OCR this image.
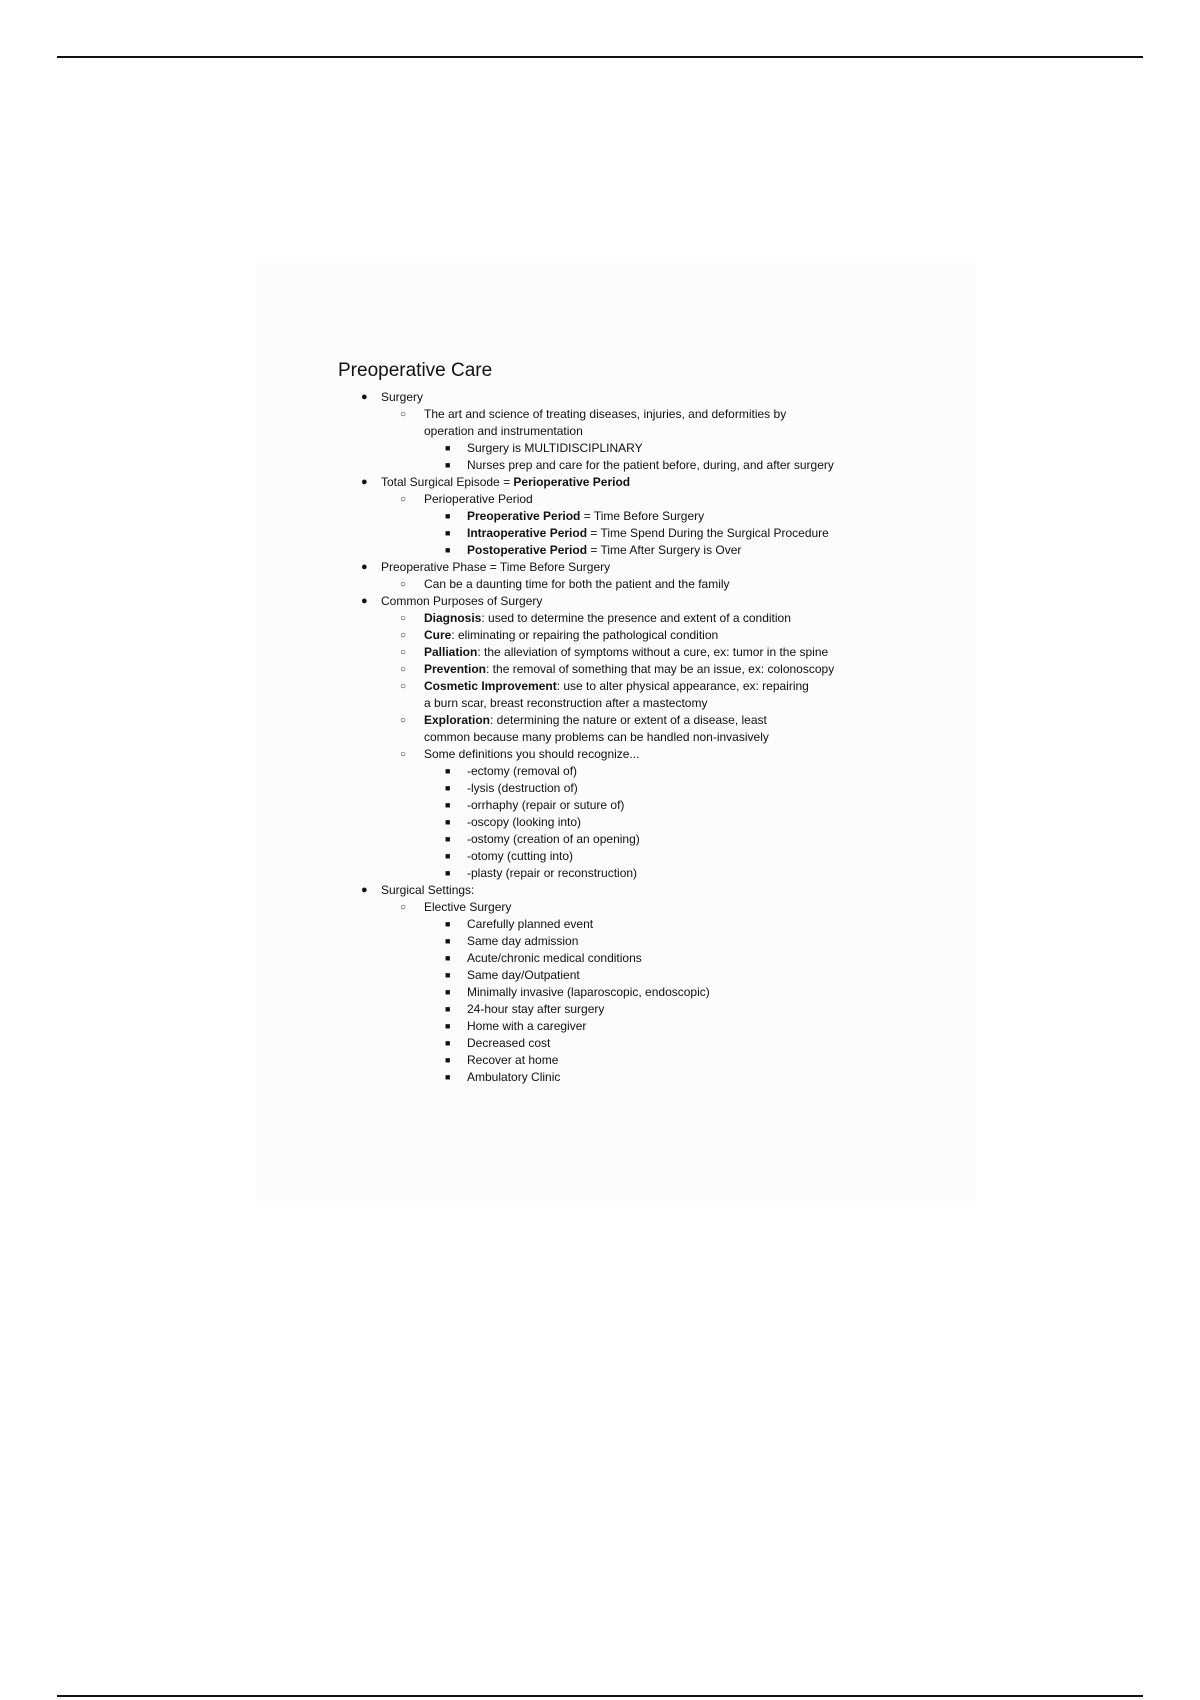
Preoperative Care
● Surgery
○ The art and science of treating diseases, injuries, and deformities by operation and instrumentation
■ Surgery is MULTIDISCIPLINARY
■ Nurses prep and care for the patient before, during, and after surgery
● Total Surgical Episode = Perioperative Period
○ Perioperative Period
■ Preoperative Period = Time Before Surgery
■ Intraoperative Period = Time Spend During the Surgical Procedure
■ Postoperative Period = Time After Surgery is Over
● Preoperative Phase = Time Before Surgery
○ Can be a daunting time for both the patient and the family
● Common Purposes of Surgery
○ Diagnosis: used to determine the presence and extent of a condition
○ Cure: eliminating or repairing the pathological condition
○ Palliation: the alleviation of symptoms without a cure, ex: tumor in the spine
○ Prevention: the removal of something that may be an issue, ex: colonoscopy
○ Cosmetic Improvement: use to alter physical appearance, ex: repairing a burn scar, breast reconstruction after a mastectomy
○ Exploration: determining the nature or extent of a disease, least common because many problems can be handled non-invasively
○ Some definitions you should recognize...
■ -ectomy (removal of)
■ -lysis (destruction of)
■ -orrhaphy (repair or suture of)
■ -oscopy (looking into)
■ -ostomy (creation of an opening)
■ -otomy (cutting into)
■ -plasty (repair or reconstruction)
● Surgical Settings:
○ Elective Surgery
■ Carefully planned event
■ Same day admission
■ Acute/chronic medical conditions
■ Same day/Outpatient
■ Minimally invasive (laparoscopic, endoscopic)
■ 24-hour stay after surgery
■ Home with a caregiver
■ Decreased cost
■ Recover at home
■ Ambulatory Clinic
